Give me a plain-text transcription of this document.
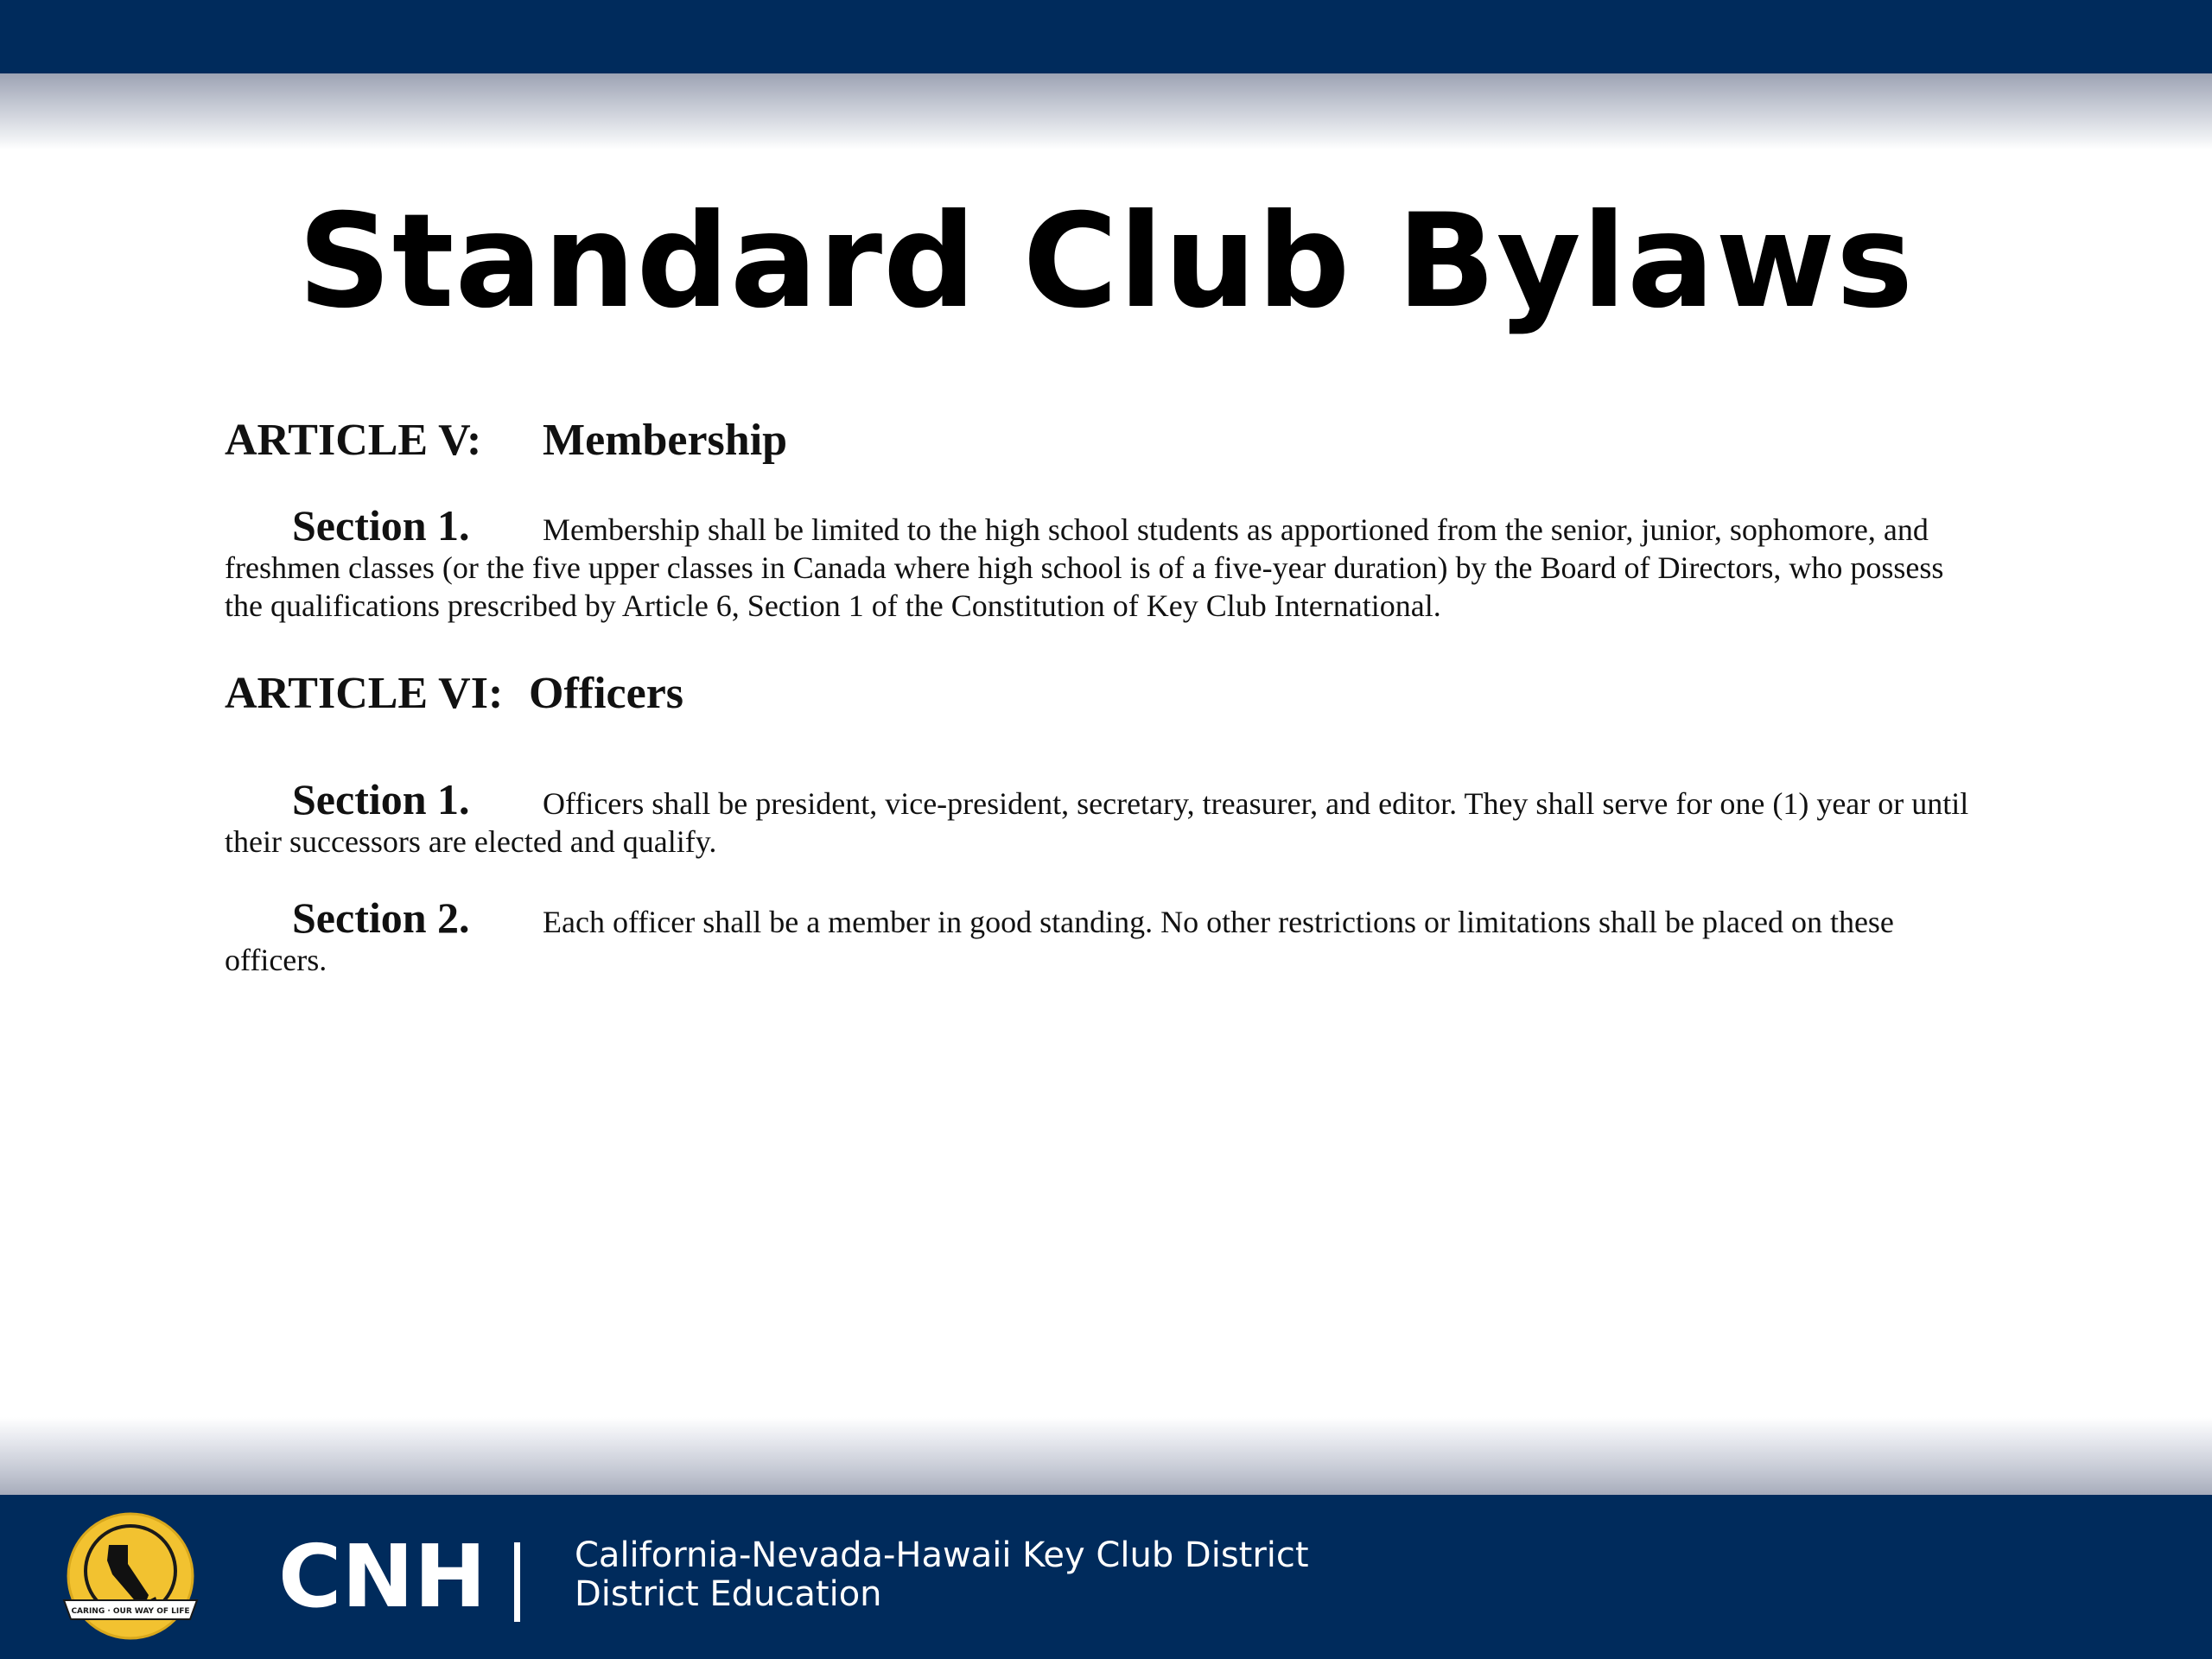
Standard Club Bylaws

ARTICLE V: Membership

Section 1. Membership shall be limited to the high school students as apportioned from the senior, junior, sophomore, and freshmen classes (or the five upper classes in Canada where high school is of a five-year duration) by the Board of Directors, who possess the qualifications prescribed by Article 6, Section 1 of the Constitution of Key Club International.

ARTICLE VI: Officers

Section 1. Officers shall be president, vice-president, secretary, treasurer, and editor. They shall serve for one (1) year or until their successors are elected and qualify.

Section 2. Each officer shall be a member in good standing. No other restrictions or limitations shall be placed on these officers.

CARING · OUR WAY OF LIFE CNH	California-Nevada-Hawaii Key Club District
District Education
